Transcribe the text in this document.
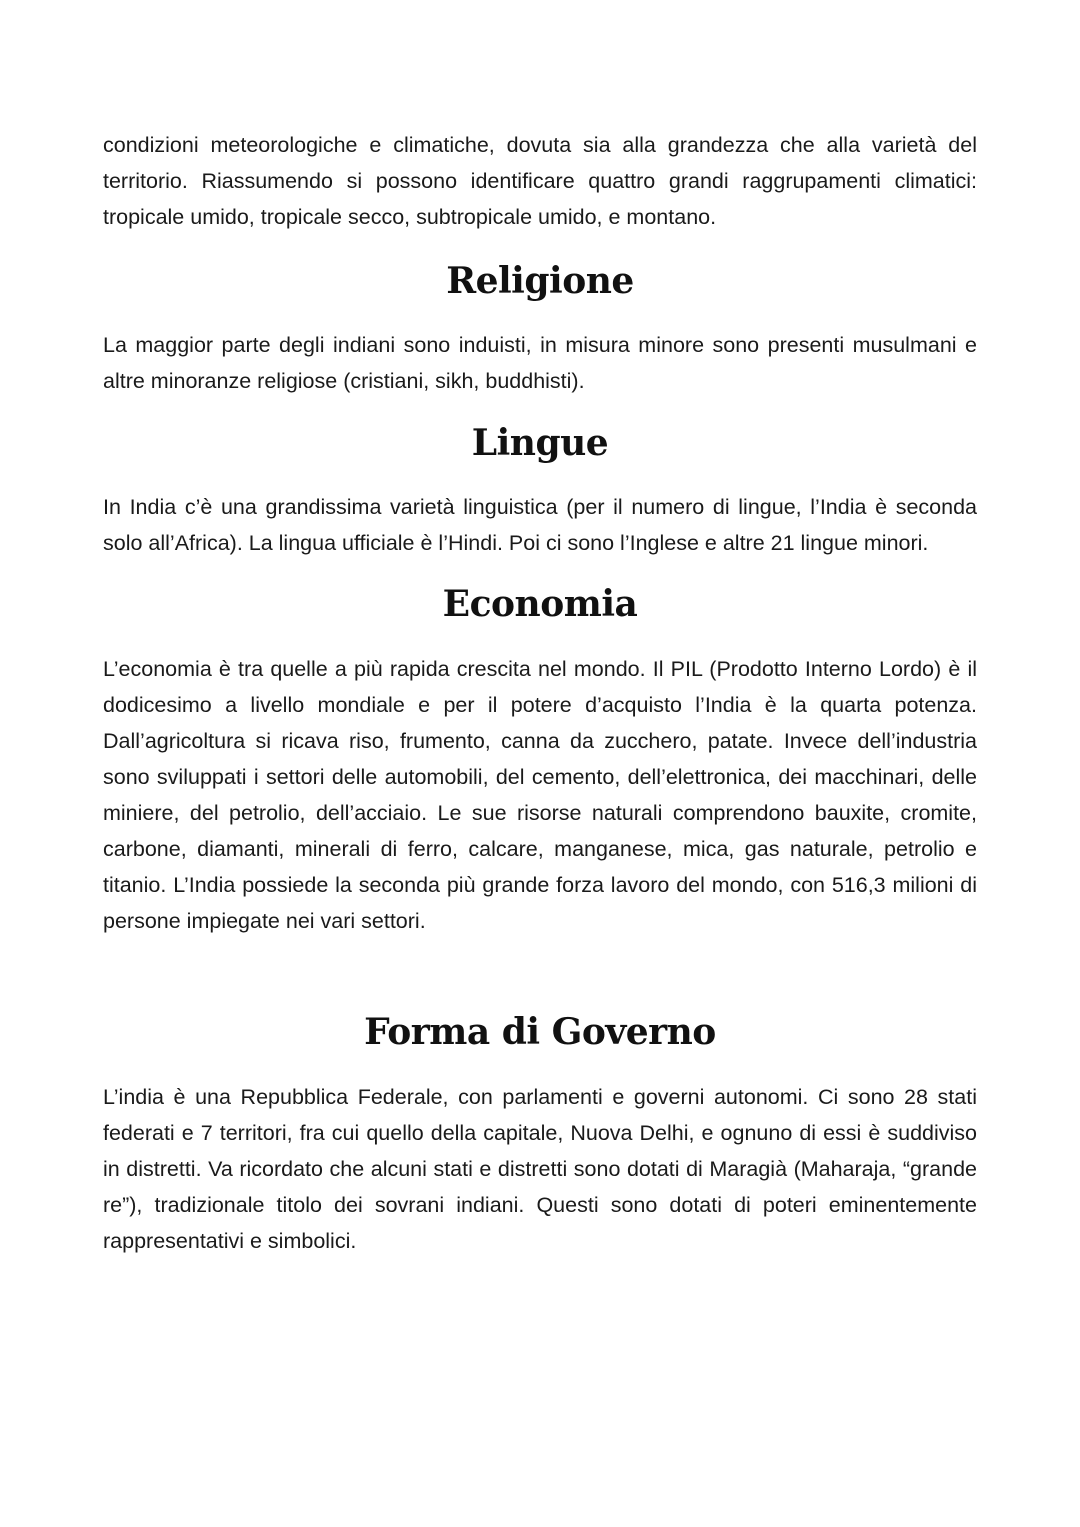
condizioni meteorologiche e climatiche, dovuta sia alla grandezza che alla varietà del territorio. Riassumendo si possono identificare quattro grandi raggrupamenti climatici: tropicale umido, tropicale secco, subtropicale umido, e montano.

Religione

La maggior parte degli indiani sono induisti, in misura minore sono presenti musulmani e altre minoranze religiose (cristiani, sikh, buddhisti).

Lingue

In India c’è una grandissima varietà linguistica (per il numero di lingue, l’India è seconda solo all’Africa). La lingua ufficiale è l’Hindi. Poi ci sono l’Inglese e altre 21 lingue minori.

Economia

L’economia è tra quelle a più rapida crescita nel mondo. Il PIL (Prodotto Interno Lordo) è il dodicesimo a livello mondiale e per il potere d’acquisto l’India è la quarta potenza. Dall’agricoltura si ricava riso, frumento, canna da zucchero, patate. Invece dell’industria sono sviluppati i settori delle automobili, del cemento, dell’elettronica, dei macchinari, delle miniere, del petrolio, dell’acciaio. Le sue risorse naturali comprendono bauxite, cromite, carbone, diamanti, minerali di ferro, calcare, manganese, mica, gas naturale, petrolio e titanio. L’India possiede la seconda più grande forza lavoro del mondo, con 516,3 milioni di persone impiegate nei vari settori.

Forma di Governo

L’india è una Repubblica Federale, con parlamenti e governi autonomi. Ci sono 28 stati federati e 7 territori, fra cui quello della capitale, Nuova Delhi, e ognuno di essi è suddiviso in distretti. Va ricordato che alcuni stati e distretti sono dotati di Maragià (Maharaja, “grande re”), tradizionale titolo dei sovrani indiani. Questi sono dotati di poteri eminentemente rappresentativi e simbolici.
